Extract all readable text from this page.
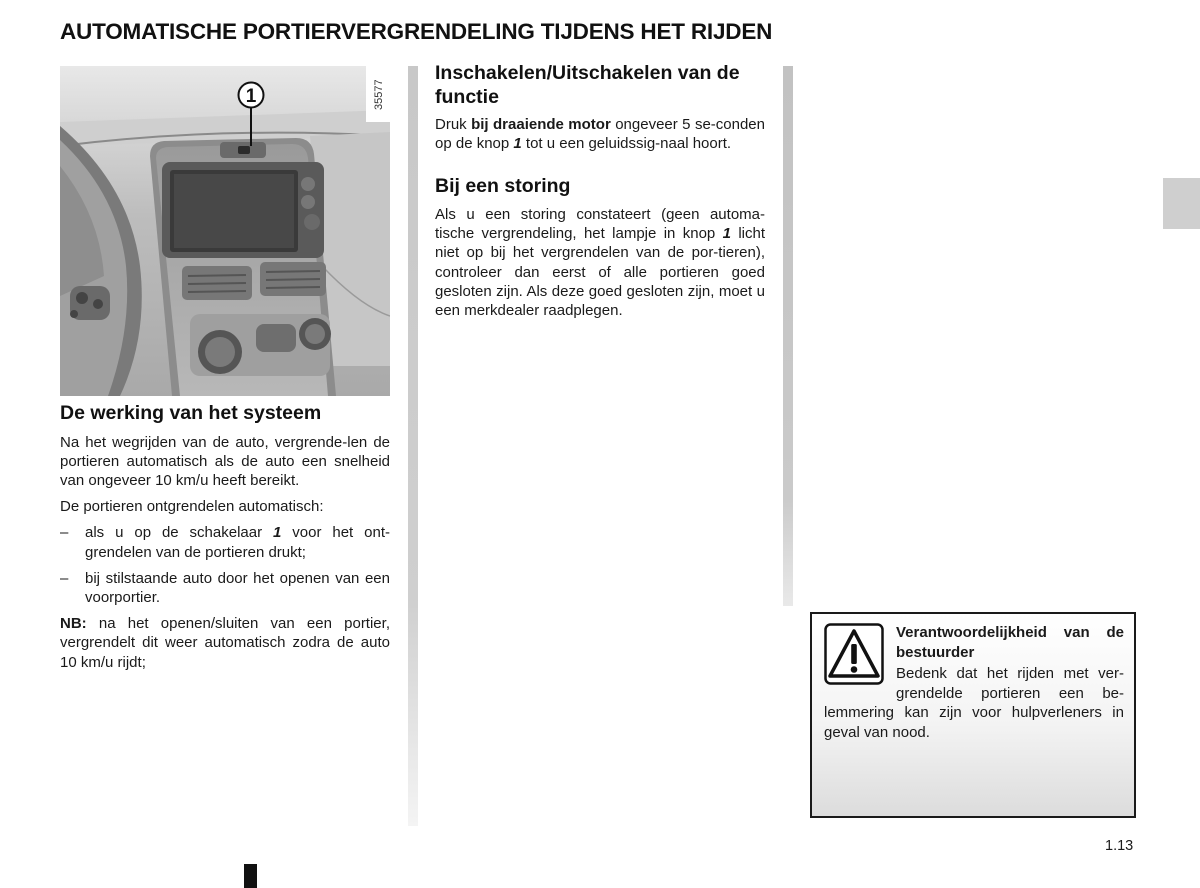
AUTOMATISCHE PORTIERVERGRENDELING TIJDENS HET RIJDEN
1	35577
De werking van het systeem

Na het wegrijden van de auto, vergrende-len de portieren automatisch als de auto een snelheid van ongeveer 10 km/u heeft bereikt.

De portieren ontgrendelen automatisch:

– als u op de schakelaar 1 voor het ont-grendelen van de portieren drukt;
– bij stilstaande auto door het openen van een voorportier.

NB: na het openen/sluiten van een portier, vergrendelt dit weer automatisch zodra de auto 10 km/u rijdt;

Inschakelen/Uitschakelen van de functie

Druk bij draaiende motor ongeveer 5 se-conden op de knop 1 tot u een geluidssig-naal hoort.

Bij een storing

Als u een storing constateert (geen automa-tische vergrendeling, het lampje in knop 1 licht niet op bij het vergrendelen van de por-tieren), controleer dan eerst of alle portieren goed gesloten zijn. Als deze goed gesloten zijn, moet u een merkdealer raadplegen.

Verantwoordelijkheid van de bestuurder

Bedenk dat het rijden met ver-grendelde portieren een be-lemmering kan zijn voor hulpverleners in geval van nood.

1.13
